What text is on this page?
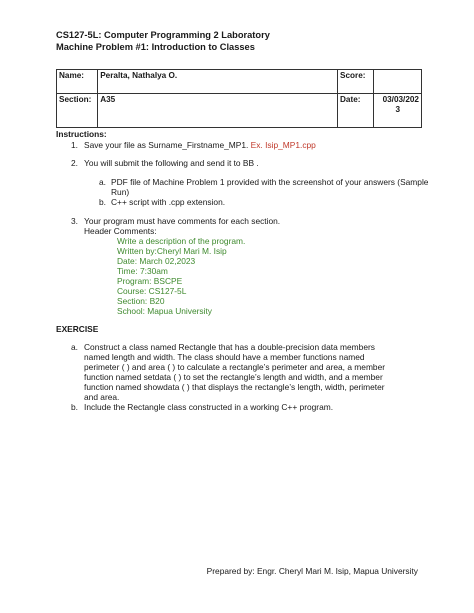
CS127-5L: Computer Programming 2 Laboratory
Machine Problem #1: Introduction to Classes
Name:	Peralta, Nathalya O.	Score:	
Section:	A35	Date:	03/03/202
3
Instructions:
1. Save your file as Surname_Firstname_MP1. Ex. Isip_MP1.cpp
2. You will submit the following and send it to BB .
a. PDF file of Machine Problem 1 provided with the screenshot of your answers (Sample
Run)
b. C++ script with .cpp extension.
3. Your program must have comments for each section.
Header Comments:
Write a description of the program.
Written by:Cheryl Mari M. Isip
Date: March 02,2023
Time: 7:30am
Program: BSCPE
Course: CS127-5L
Section: B20
School: Mapua University
EXERCISE
a. Construct a class named Rectangle that has a double-precision data members
named length and width. The class should have a member functions named
perimeter ( ) and area ( ) to calculate a rectangle’s perimeter and area, a member
function named setdata ( ) to set the rectangle’s length and width, and a member
function named showdata ( ) that displays the rectangle’s length, width, perimeter
and area.
b. Include the Rectangle class constructed in a working C++ program.
Prepared by: Engr. Cheryl Mari M. Isip, Mapua University
